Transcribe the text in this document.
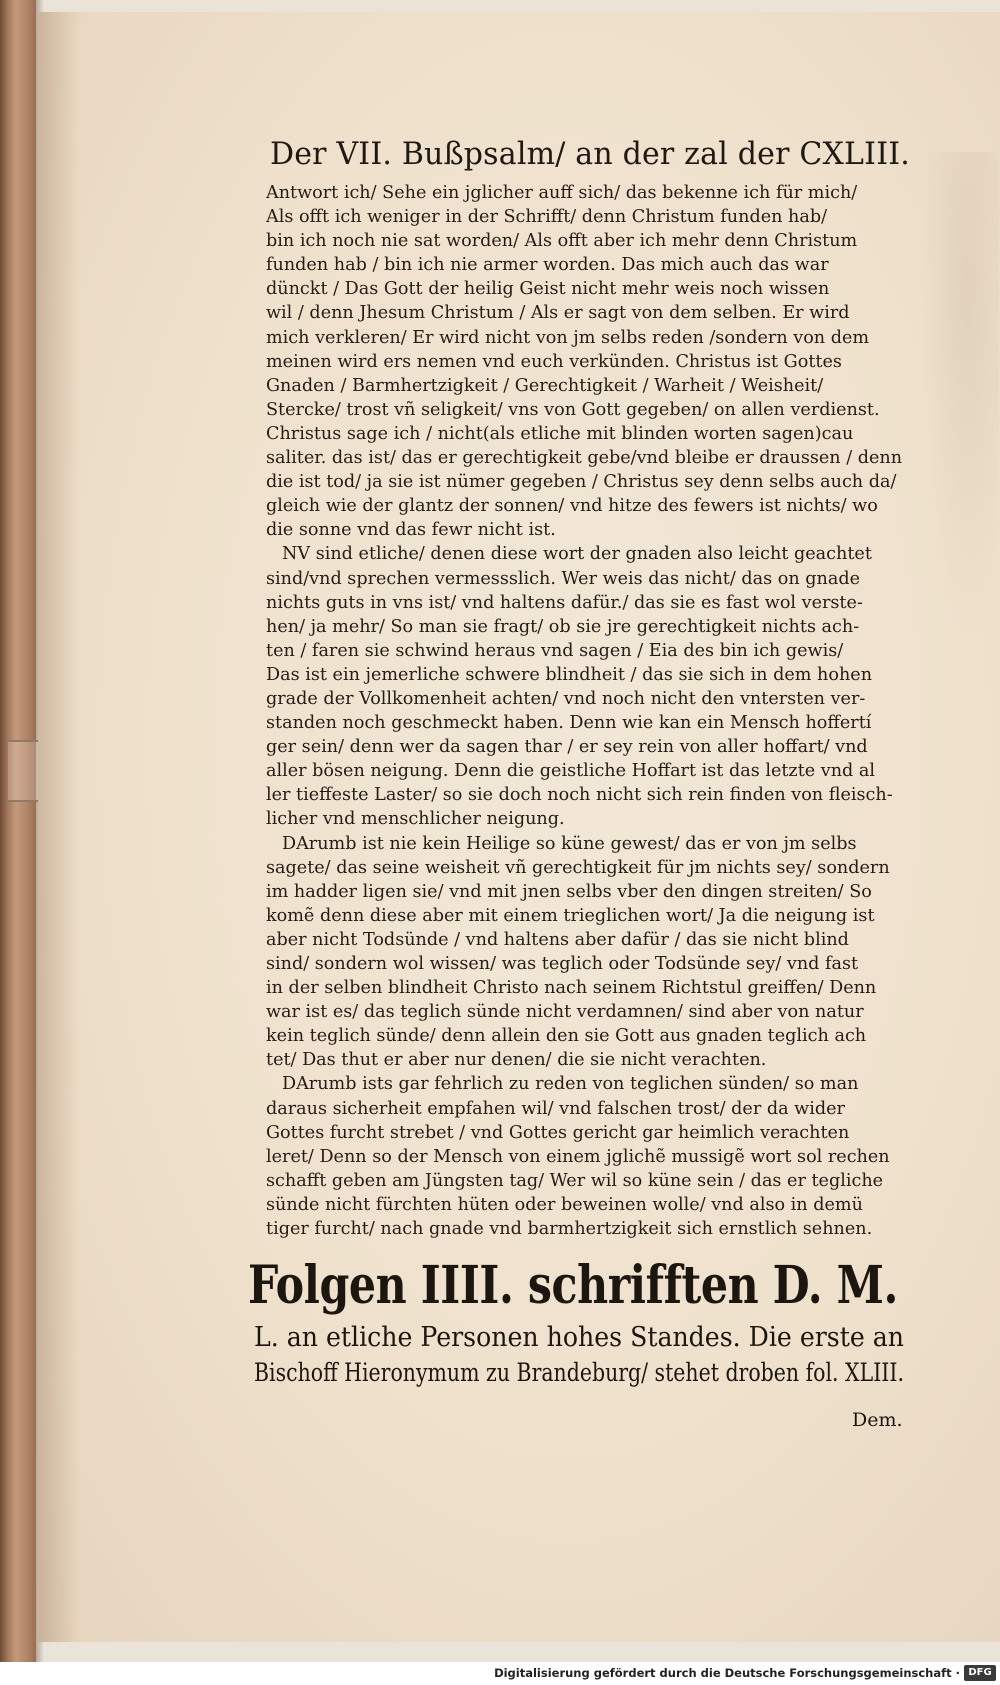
Der VII. Bußpsalm/ an der zal der CXLIII.
Antwort ich/ Sehe ein jglicher auff sich/ das bekenne ich für mich/
Als offt ich weniger in der Schrifft/ denn Christum funden hab/
bin ich noch nie sat worden/ Als offt aber ich mehr denn Christum
funden hab / bin ich nie armer worden. Das mich auch das war
dünckt / Das Gott der heilig Geist nicht mehr weis noch wissen
wil / denn Jhesum Christum / Als er sagt von dem selben. Er wird
mich verkleren/ Er wird nicht von jm selbs reden /sondern von dem
meinen wird ers nemen vnd euch verkünden. Christus ist Gottes
Gnaden / Barmhertzigkeit / Gerechtigkeit / Warheit / Weisheit/
Stercke/ trost vñ seligkeit/ vns von Gott gegeben/ on allen verdienst.
Christus sage ich / nicht(als etliche mit blinden worten sagen)cau
saliter. das ist/ das er gerechtigkeit gebe/vnd bleibe er draussen / denn
die ist tod/ ja sie ist nümer gegeben / Christus sey denn selbs auch da/
gleich wie der glantz der sonnen/ vnd hitze des fewers ist nichts/ wo
die sonne vnd das fewr nicht ist.
NV sind etliche/ denen diese wort der gnaden also leicht geachtet
sind/vnd sprechen vermessslich. Wer weis das nicht/ das on gnade
nichts guts in vns ist/ vnd haltens dafür./ das sie es fast wol verste-
hen/ ja mehr/ So man sie fragt/ ob sie jre gerechtigkeit nichts ach-
ten / faren sie schwind heraus vnd sagen / Eia des bin ich gewis/
Das ist ein jemerliche schwere blindheit / das sie sich in dem hohen
grade der Vollkomenheit achten/ vnd noch nicht den vntersten ver-
standen noch geschmeckt haben. Denn wie kan ein Mensch hoffertí
ger sein/ denn wer da sagen thar / er sey rein von aller hoffart/ vnd
aller bösen neigung. Denn die geistliche Hoffart ist das letzte vnd al
ler tieffeste Laster/ so sie doch noch nicht sich rein finden von fleisch-
licher vnd menschlicher neigung.
DArumb ist nie kein Heilige so küne gewest/ das er von jm selbs
sagete/ das seine weisheit vñ gerechtigkeit für jm nichts sey/ sondern
im hadder ligen sie/ vnd mit jnen selbs vber den dingen streiten/ So
komẽ denn diese aber mit einem trieglichen wort/ Ja die neigung ist
aber nicht Todsünde / vnd haltens aber dafür / das sie nicht blind
sind/ sondern wol wissen/ was teglich oder Todsünde sey/ vnd fast
in der selben blindheit Christo nach seinem Richtstul greiffen/ Denn
war ist es/ das teglich sünde nicht verdamnen/ sind aber von natur
kein teglich sünde/ denn allein den sie Gott aus gnaden teglich ach
tet/ Das thut er aber nur denen/ die sie nicht verachten.
DArumb ists gar fehrlich zu reden von teglichen sünden/ so man
daraus sicherheit empfahen wil/ vnd falschen trost/ der da wider
Gottes furcht strebet / vnd Gottes gericht gar heimlich verachten
leret/ Denn so der Mensch von einem jglichẽ mussigẽ wort sol rechen
schafft geben am Jüngsten tag/ Wer wil so küne sein / das er tegliche
sünde nicht fürchten hüten oder beweinen wolle/ vnd also in demü
tiger furcht/ nach gnade vnd barmhertzigkeit sich ernstlich sehnen.
Folgen IIII. schrifften D. M.
L. an etliche Personen hohes Standes. Die erste an
Bischoff Hieronymum zu Brandeburg/ stehet droben fol. XLIII.
Dem.
Digitalisierung gefördert durch die Deutsche Forschungsgemeinschaft · DFG
